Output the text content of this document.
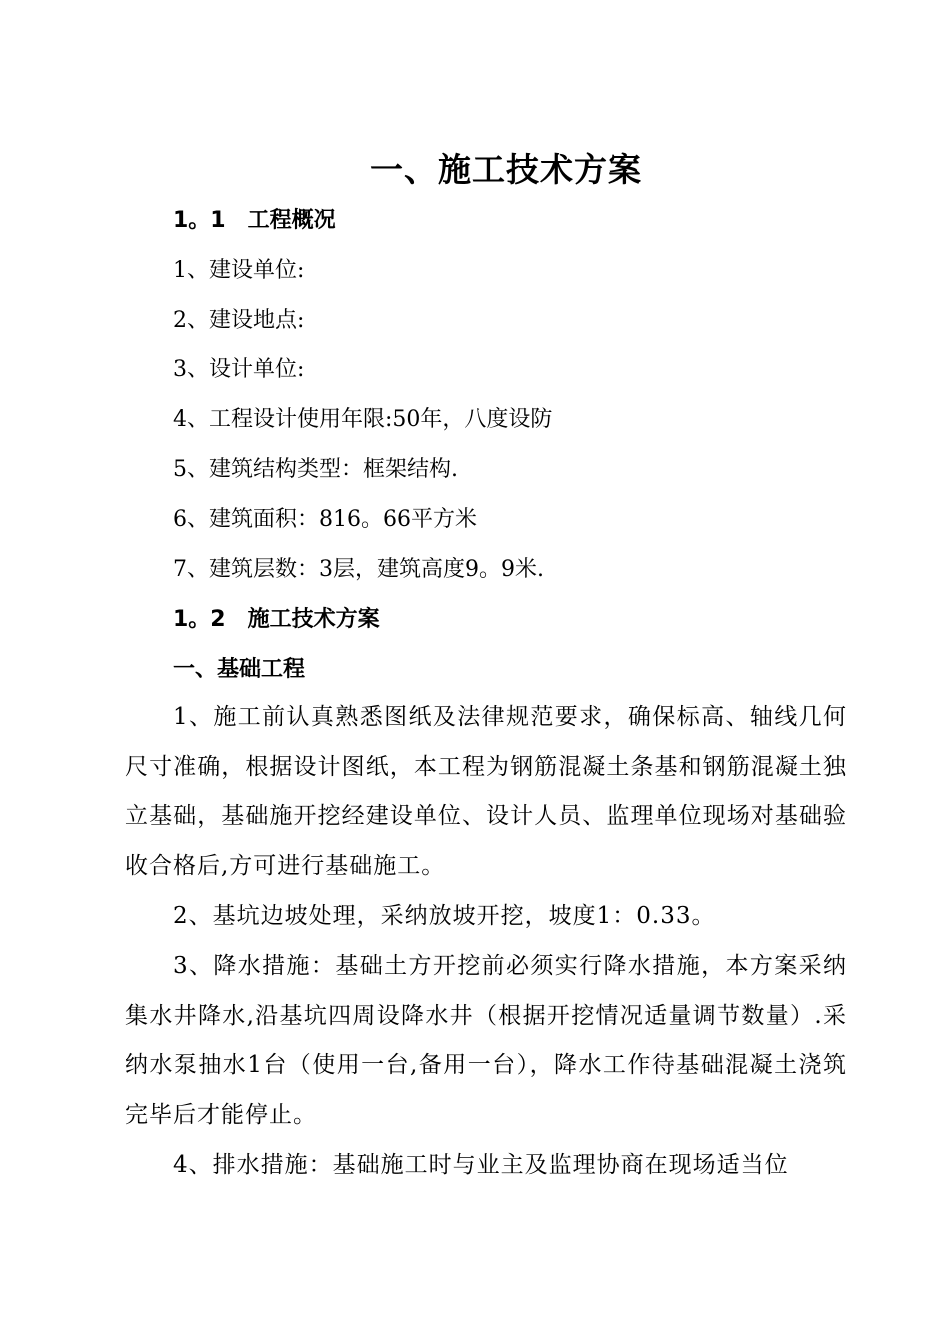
一、施工技术方案
1。1　工程概况
1、建设单位:
2、建设地点:
3、设计单位:
4、工程设计使用年限:50年，八度设防
5、建筑结构类型：框架结构.
6、建筑面积：816。66平方米
7、建筑层数：3层，建筑高度9。9米.
1。2　施工技术方案
一、基础工程
1、施工前认真熟悉图纸及法律规范要求，确保标高、轴线几何尺寸准确，根据设计图纸，本工程为钢筋混凝土条基和钢筋混凝土独立基础，基础施开挖经建设单位、设计人员、监理单位现场对基础验收合格后,方可进行基础施工。
2、基坑边坡处理，采纳放坡开挖，坡度1：0.33。
3、降水措施：基础土方开挖前必须实行降水措施，本方案采纳集水井降水,沿基坑四周设降水井（根据开挖情况适量调节数量）.采纳水泵抽水1台（使用一台,备用一台），降水工作待基础混凝土浇筑完毕后才能停止。
4、排水措施：基础施工时与业主及监理协商在现场适当位
